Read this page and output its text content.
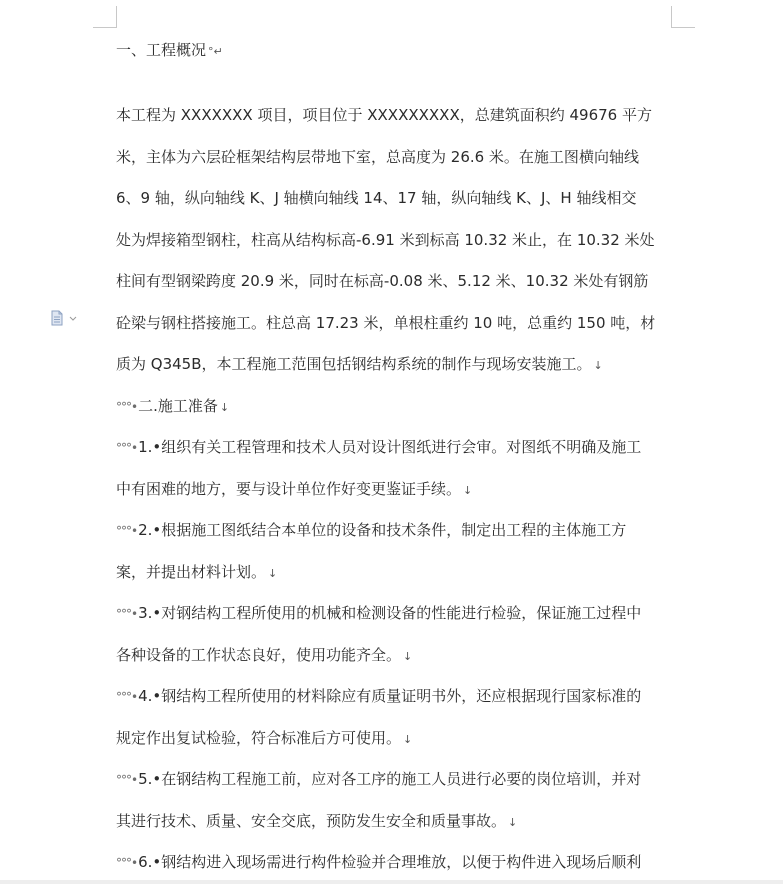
一、工程概况 °↵
本工程为 XXXXXXX 项目，项目位于 XXXXXXXXX，总建筑面积约 49676 平方
米，主体为六层砼框架结构层带地下室，总高度为 26.6 米。在施工图横向轴线
6、9 轴，纵向轴线 K、J 轴横向轴线 14、17 轴，纵向轴线 K、J、H 轴线相交
处为焊接箱型钢柱，柱高从结构标高-6.91 米到标高 10.32 米止，在 10.32 米处
柱间有型钢梁跨度 20.9 米，同时在标高-0.08 米、5.12 米、10.32 米处有钢筋
砼梁与钢柱搭接施工。柱总高 17.23 米，单根柱重约 10 吨，总重约 150 吨，材
质为 Q345B，本工程施工范围包括钢结构系统的制作与现场安装施工。 ↓
°°°•二.施工准备 ↓
°°°•1.•组织有关工程管理和技术人员对设计图纸进行会审。对图纸不明确及施工
中有困难的地方，要与设计单位作好变更鉴证手续。 ↓
°°°•2.•根据施工图纸结合本单位的设备和技术条件，制定出工程的主体施工方
案，并提出材料计划。 ↓
°°°•3.•对钢结构工程所使用的机械和检测设备的性能进行检验，保证施工过程中
各种设备的工作状态良好，使用功能齐全。 ↓
°°°•4.•钢结构工程所使用的材料除应有质量证明书外，还应根据现行国家标准的
规定作出复试检验，符合标准后方可使用。 ↓
°°°•5.•在钢结构工程施工前，应对各工序的施工人员进行必要的岗位培训，并对
其进行技术、质量、安全交底，预防发生安全和质量事故。 ↓
°°°•6.•钢结构进入现场需进行构件检验并合理堆放，以便于构件进入现场后顺利
